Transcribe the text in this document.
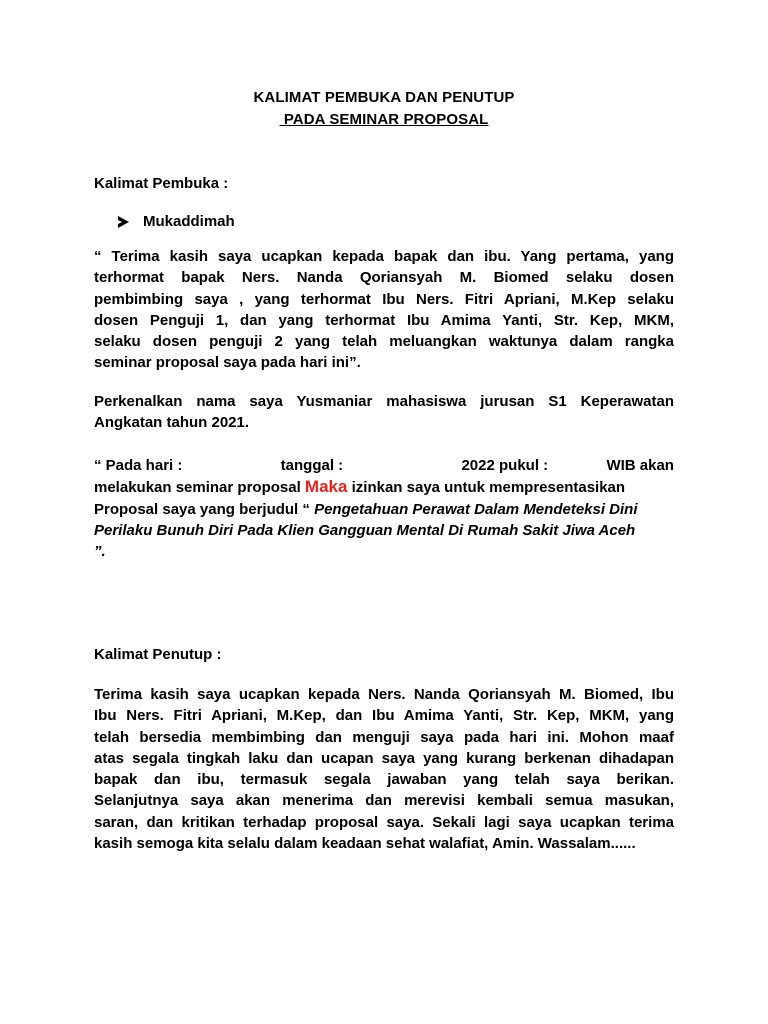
KALIMAT PEMBUKA DAN PENUTUP
PADA SEMINAR PROPOSAL
Kalimat Pembuka :
Mukaddimah
“ Terima kasih saya ucapkan kepada bapak dan ibu. Yang pertama, yang
terhormat bapak Ners. Nanda Qoriansyah M. Biomed selaku dosen
pembimbing saya , yang terhormat Ibu Ners. Fitri Apriani, M.Kep selaku
dosen Penguji 1, dan yang terhormat Ibu Amima Yanti, Str. Kep, MKM,
selaku dosen penguji 2 yang telah meluangkan waktunya dalam rangka
seminar proposal saya pada hari ini”.
Perkenalkan nama saya Yusmaniar mahasiswa jurusan S1 Keperawatan
Angkatan tahun 2021.
“ Pada hari :	tanggal :	2022 pukul :	WIB akan
melakukan seminar proposal Maka izinkan saya untuk mempresentasikan
Proposal saya yang berjudul “ Pengetahuan Perawat Dalam Mendeteksi Dini
Perilaku Bunuh Diri Pada Klien Gangguan Mental Di Rumah Sakit Jiwa Aceh
”.
Kalimat Penutup :
Terima kasih saya ucapkan kepada Ners. Nanda Qoriansyah M. Biomed, Ibu
Ibu Ners. Fitri Apriani, M.Kep, dan Ibu Amima Yanti, Str. Kep, MKM, yang
telah bersedia membimbing dan menguji saya pada hari ini. Mohon maaf
atas segala tingkah laku dan ucapan saya yang kurang berkenan dihadapan
bapak dan ibu, termasuk segala jawaban yang telah saya berikan.
Selanjutnya saya akan menerima dan merevisi kembali semua masukan,
saran, dan kritikan terhadap proposal saya. Sekali lagi saya ucapkan terima
kasih semoga kita selalu dalam keadaan sehat walafiat, Amin. Wassalam......
